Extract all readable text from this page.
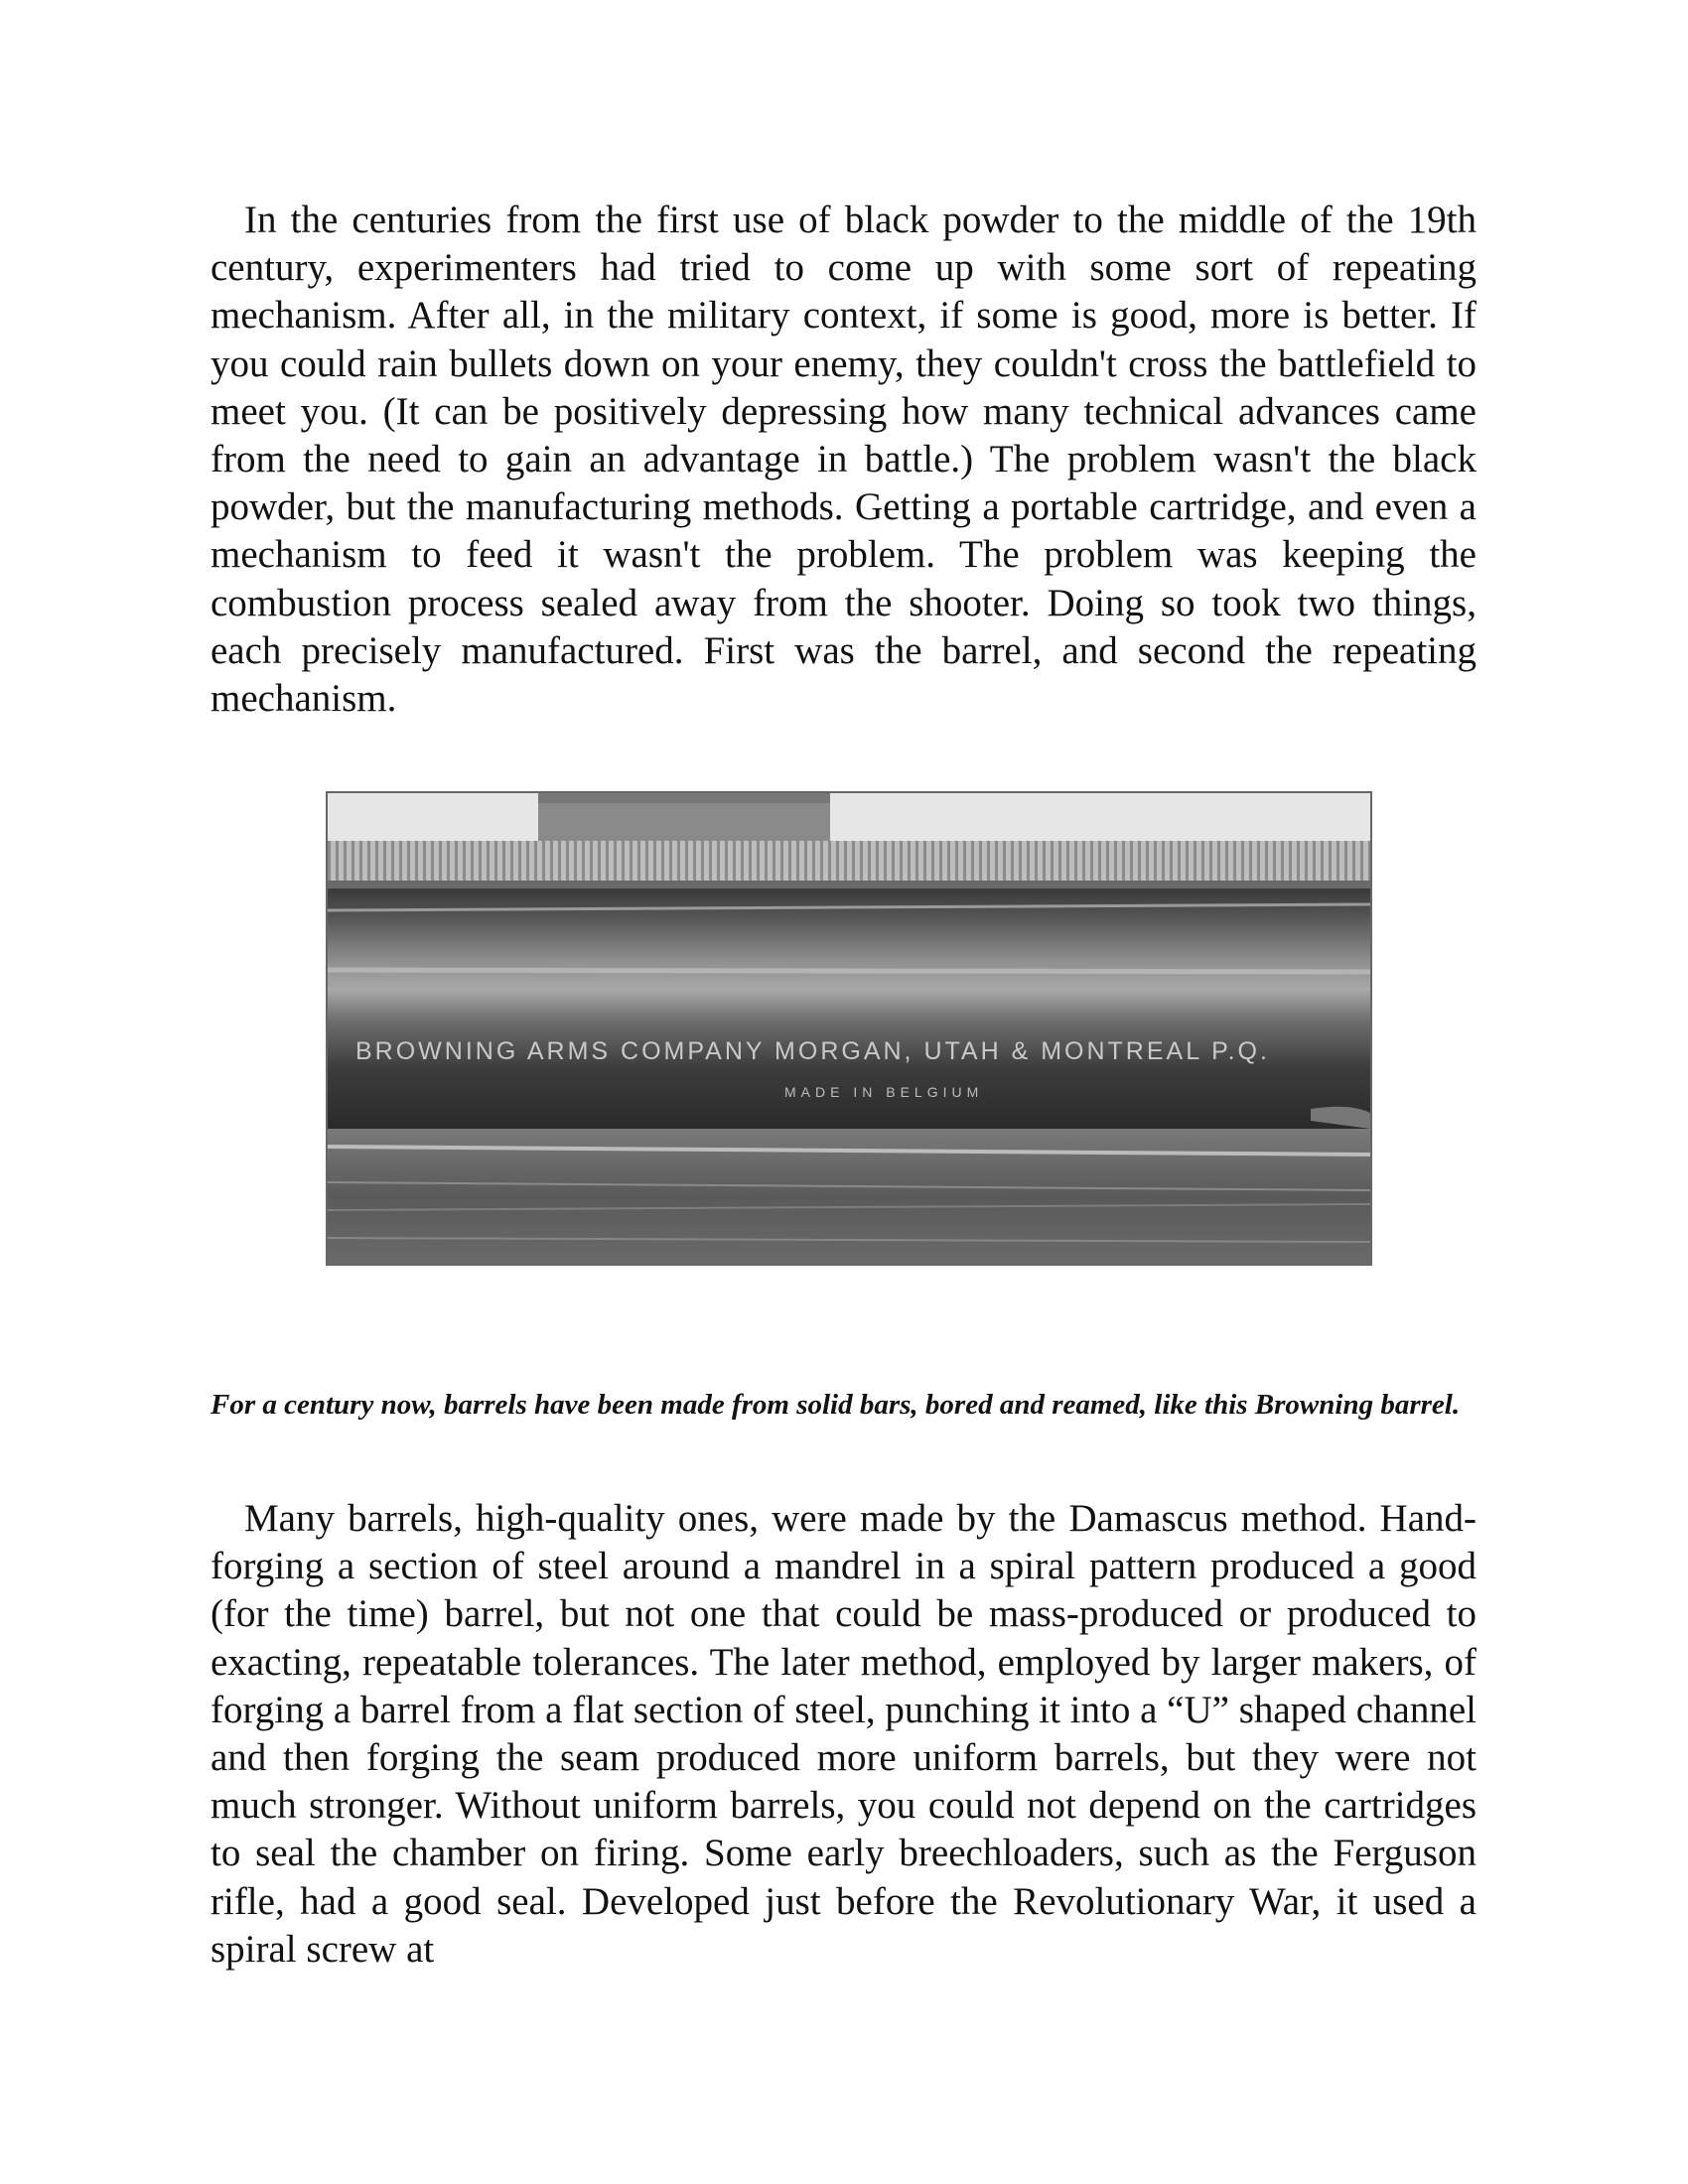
In the centuries from the first use of black powder to the middle of the 19th century, experimenters had tried to come up with some sort of repeating mechanism. After all, in the military context, if some is good, more is better. If you could rain bullets down on your enemy, they couldn't cross the battlefield to meet you. (It can be positively depressing how many technical advances came from the need to gain an advantage in battle.) The problem wasn't the black powder, but the manufacturing methods. Getting a portable cartridge, and even a mechanism to feed it wasn't the problem. The problem was keeping the combustion process sealed away from the shooter. Doing so took two things, each precisely manufactured. First was the barrel, and second the repeating mechanism.

BROWNING ARMS COMPANY MORGAN, UTAH & MONTREAL P.Q.
MADE IN BELGIUM

For a century now, barrels have been made from solid bars, bored and reamed, like this Browning barrel.

Many barrels, high-quality ones, were made by the Damascus method. Hand-forging a section of steel around a mandrel in a spiral pattern produced a good (for the time) barrel, but not one that could be mass-produced or produced to exacting, repeatable tolerances. The later method, employed by larger makers, of forging a barrel from a flat section of steel, punching it into a “U” shaped channel and then forging the seam produced more uniform barrels, but they were not much stronger. Without uniform barrels, you could not depend on the cartridges to seal the chamber on firing. Some early breechloaders, such as the Ferguson rifle, had a good seal. Developed just before the Revolutionary War, it used a spiral screw at
